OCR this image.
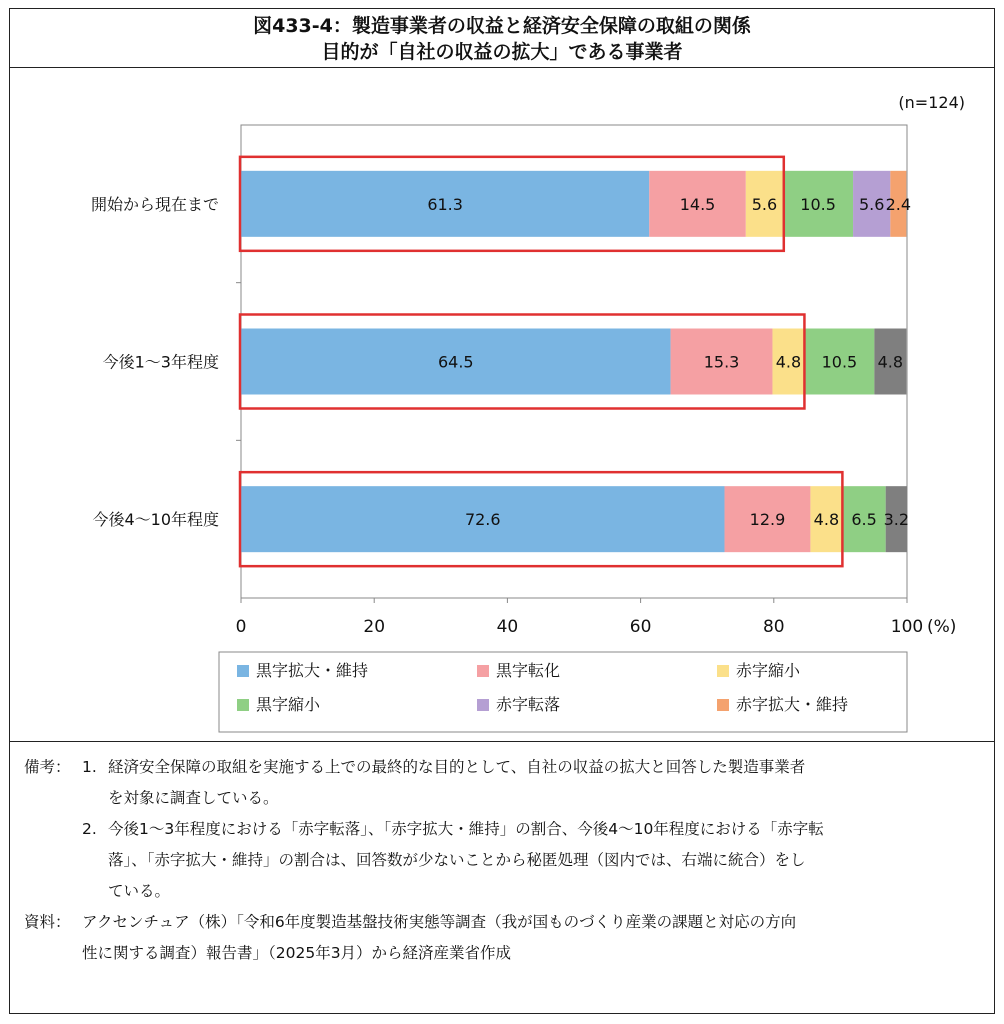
図433-4：製造事業者の収益と経済安全保障の取組の関係
目的が「自社の収益の拡大」である事業者
(n=124)
0	20	40	60	80	100 (%)
開始から現在まで	61.3	14.5 5.6 10.5 5.6 2.4
今後1～3年程度	64.5	15.3 4.8 10.5 4.8
今後4～10年程度	72.6	12.9 4.8 6.5 3.2
黒字拡大・維持	黒字転化	赤字縮小
黒字縮小	赤字転落	赤字拡大・維持
備考： 1. 経済安全保障の取組を実施する上での最終的な目的として、自社の収益の拡大と回答した製造事業者
を対象に調査している。
2. 今後1～3年程度における「赤字転落」、「赤字拡大・維持」の割合、今後4～10年程度における「赤字転
落」、「赤字拡大・維持」の割合は、回答数が少ないことから秘匿処理（図内では、右端に統合）をし
ている。
資料： アクセンチュア（株）「令和6年度製造基盤技術実態等調査（我が国ものづくり産業の課題と対応の方向
性に関する調査）報告書」（2025年3月）から経済産業省作成
